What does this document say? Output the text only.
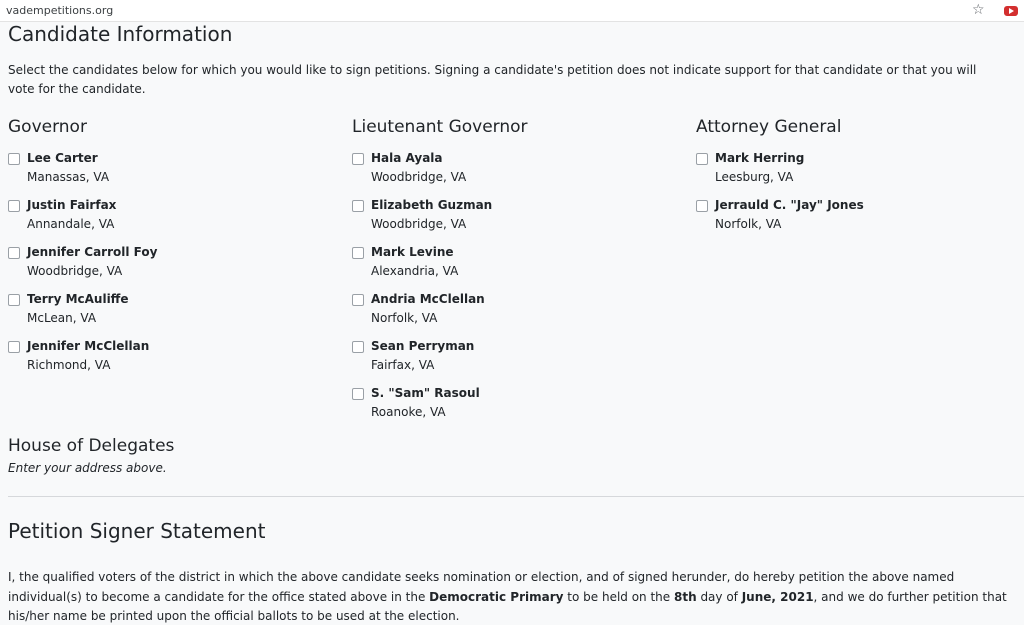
vadempetitions.org	☆
Candidate Information

Select the candidates below for which you would like to sign petitions. Signing a candidate's petition does not indicate support for that candidate or that you will vote for the candidate.

Governor
Lee Carter
Manassas, VA
Justin Fairfax
Annandale, VA
Jennifer Carroll Foy
Woodbridge, VA
Terry McAuliffe
McLean, VA
Jennifer McClellan
Richmond, VA
Lieutenant Governor
Hala Ayala
Woodbridge, VA
Elizabeth Guzman
Woodbridge, VA
Mark Levine
Alexandria, VA
Andria McClellan
Norfolk, VA
Sean Perryman
Fairfax, VA
S. "Sam" Rasoul
Roanoke, VA
Attorney General
Mark Herring
Leesburg, VA
Jerrauld C. "Jay" Jones
Norfolk, VA
House of Delegates
Enter your address above.
Petition Signer Statement

I, the qualified voters of the district in which the above candidate seeks nomination or election, and of signed herunder, do hereby petition the above named individual(s) to become a candidate for the office stated above in the Democratic Primary to be held on the 8th day of June, 2021, and we do further petition that his/her name be printed upon the official ballots to be used at the election.
